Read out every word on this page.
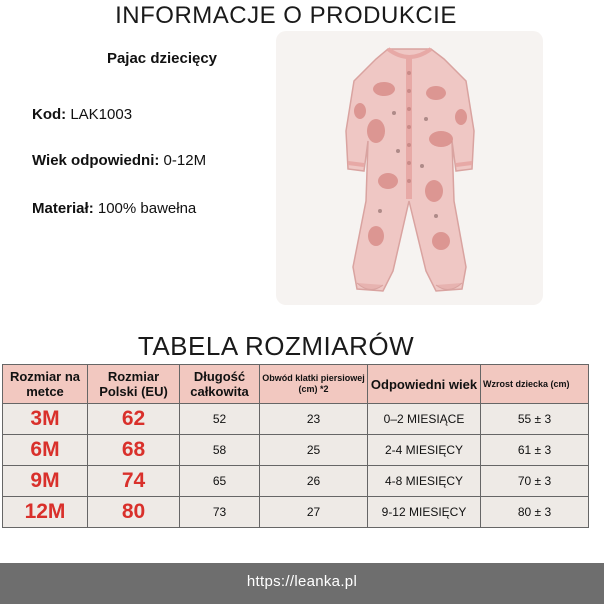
INFORMACJE O PRODUKCIE
Pajac dziecięcy
Kod: LAK1003
Wiek odpowiedni: 0-12M
Materiał: 100% bawełna
TABELA ROZMIARÓW
Rozmiar na metce	Rozmiar Polski (EU)	Długość całkowita	Obwód klatki piersiowej (cm) *2	Odpowiedni wiek	Wzrost dziecka (cm)
3M	62	52	23	0–2 MIESIĄCE	55 ± 3
6M	68	58	25	2-4 MIESIĘCY	61 ± 3
9M	74	65	26	4-8 MIESIĘCY	70 ± 3
12M	80	73	27	9-12 MIESIĘCY	80 ± 3
https://leanka.pl
